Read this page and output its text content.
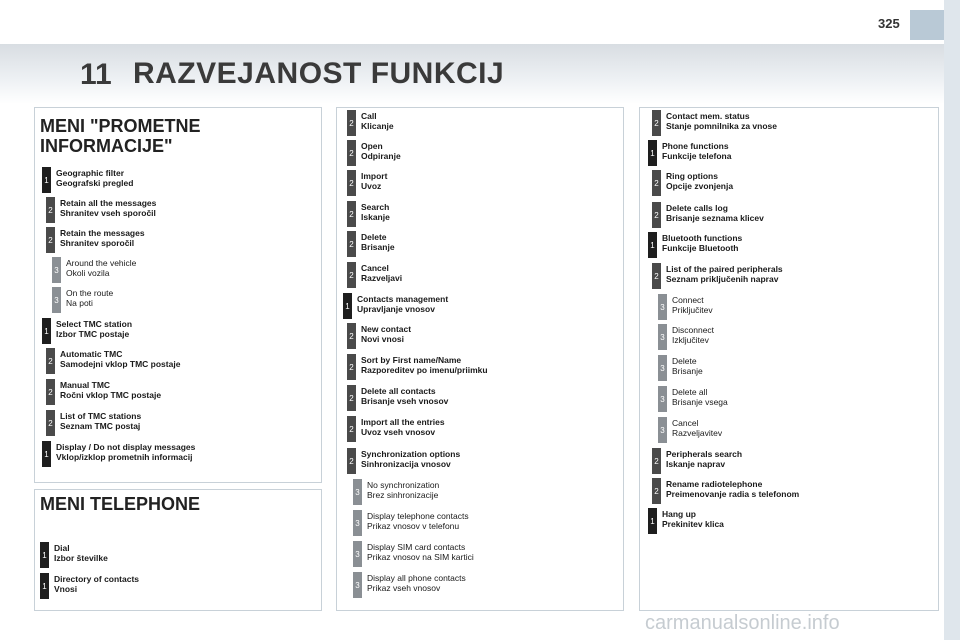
325
11 RAZVEJANOST FUNKCIJ
MENI "PROMETNE
INFORMACIJE"
MENI TELEPHONE
1
Geographic filter
Geografski pregled
2
Retain all the messages
Shranitev vseh sporočil
2
Retain the messages
Shranitev sporočil
3
Around the vehicle
Okoli vozila
3
On the route
Na poti
1
Select TMC station
Izbor TMC postaje
2
Automatic TMC
Samodejni vklop TMC postaje
2
Manual TMC
Ročni vklop TMC postaje
2
List of TMC stations
Seznam TMC postaj
1
Display / Do not display messages
Vklop/izklop prometnih informacij
1
Dial
Izbor številke
1
Directory of contacts
Vnosi
2
Call
Klicanje
2
Open
Odpiranje
2
Import
Uvoz
2
Search
Iskanje
2
Delete
Brisanje
2
Cancel
Razveljavi
1
Contacts management
Upravljanje vnosov
2
New contact
Novi vnosi
2
Sort by First name/Name
Razporeditev po imenu/priimku
2
Delete all contacts
Brisanje vseh vnosov
2
Import all the entries
Uvoz vseh vnosov
2
Synchronization options
Sinhronizacija vnosov
3
No synchronization
Brez sinhronizacije
3
Display telephone contacts
Prikaz vnosov v telefonu
3
Display SIM card contacts
Prikaz vnosov na SIM kartici
3
Display all phone contacts
Prikaz vseh vnosov
2
Contact mem. status
Stanje pomnilnika za vnose
1
Phone functions
Funkcije telefona
2
Ring options
Opcije zvonjenja
2
Delete calls log
Brisanje seznama klicev
1
Bluetooth functions
Funkcije Bluetooth
2
List of the paired peripherals
Seznam priključenih naprav
3
Connect
Priključitev
3
Disconnect
Izključitev
3
Delete
Brisanje
3
Delete all
Brisanje vsega
3
Cancel
Razveljavitev
2
Peripherals search
Iskanje naprav
2
Rename radiotelephone
Preimenovanje radia s telefonom
1
Hang up
Prekinitev klica
carmanualsonline.info
